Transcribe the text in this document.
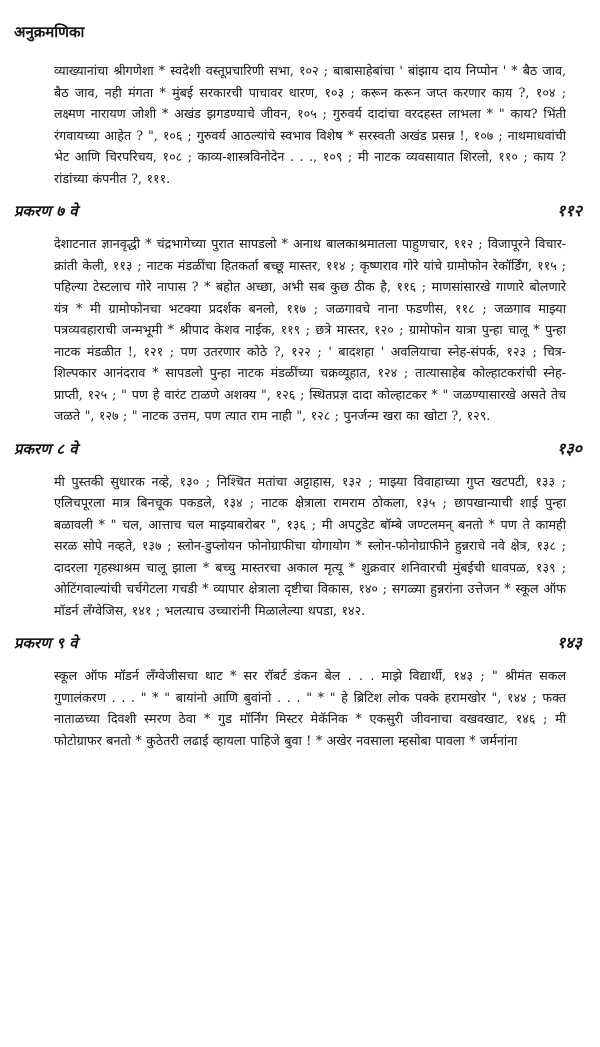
अनुक्रमणिका

व्याख्यानांचा श्रीगणेशा * स्वदेशी वस्तूप्रचारिणी सभा, १०२ ; बाबासाहेबांचा ' बांझाय दाय निप्पोन ' * बैठ जाव, बैठ जाव, नही मंगता * मुंबई सरकारची पाचावर धारण, १०३ ; करून करून जप्त करणार काय ?, १०४ ; लक्ष्मण नारायण जोशी * अखंड झगडण्याचे जीवन, १०५ ; गुरुवर्य दादांचा वरदहस्त लाभला * " काय? भिंती रंगवायच्या आहेत ? ", १०६ ; गुरुवर्य आठल्यांचे स्वभाव विशेष * सरस्वती अखंड प्रसन्न !, १०७ ; नाथमाधवांची भेट आणि चिरपरिचय, १०८ ; काव्य-शास्त्रविनोदेन . . ., १०९ ; मी नाटक व्यवसायात शिरलो, ११० ; काय ? रांडांच्या कंपनीत ?, १११.

प्रकरण ७ वे	११२

देशाटनात ज्ञानवृद्धी * चंद्रभागेच्या पुरात सापडलो * अनाथ बालकाश्रमातला पाहुणचार, ११२ ; विजापूरने विचार-क्रांती केली, ११३ ; नाटक मंडळींचा हितकर्ता बच्छू मास्तर, ११४ ; कृष्णराव गोरे यांचे ग्रामोफोन रेकॉर्डिंग, ११५ ; पहिल्या टेस्टलाच गोरे नापास ? * बहोत अच्छा, अभी सब कुछ ठीक है, ११६ ; माणसांसारखे गाणारे बोलणारे यंत्र * मी ग्रामोफोनचा भटक्या प्रदर्शक बनलो, ११७ ; जळगावचे नाना फडणीस, ११८ ; जळगाव माझ्या पत्रव्यवहाराची जन्मभूमी * श्रीपाद केशव नाईक, ११९ ; छत्रे मास्तर, १२० ; ग्रामोफोन यात्रा पुन्हा चालू * पुन्हा नाटक मंडळीत !, १२१ ; पण उतरणार कोठे ?, १२२ ; ' बादशहा ' अवलियाचा स्नेह-संपर्क, १२३ ; चित्र-शिल्पकार आनंदराव * सापडलो पुन्हा नाटक मंडळींच्या चक्रव्यूहात, १२४ ; तात्यासाहेब कोल्हाटकरांची स्नेह-प्राप्ती, १२५ ; " पण हे वारंट टाळणे अशक्य ", १२६ ; स्थितप्रज्ञ दादा कोल्हाटकर * " जळण्यासारखे असते तेच जळते ", १२७ ; " नाटक उत्तम, पण त्यात राम नाही ", १२८ ; पुनर्जन्म खरा का खोटा ?, १२९.

प्रकरण ८ वे	१३०

मी पुस्तकी सुधारक नव्हे, १३० ; निश्चित मतांचा अट्टाहास, १३२ ; माझ्या विवाहाच्या गुप्त खटपटी, १३३ ; एलिचपूरला मात्र बिनचूक पकडले, १३४ ; नाटक क्षेत्राला रामराम ठोकला, १३५ ; छापखान्याची शाई पुन्हा बळावली * " चल, आत्ताच चल माझ्याबरोबर ", १३६ ; मी अपटुडेट बॉम्बे जण्टलमन् बनतो * पण ते कामही सरळ सोपे नव्हते, १३७ ; स्लोन-डुप्लोयन फोनोग्राफीचा योगायोग * स्लोन-फोनोग्राफीने हुन्नराचे नवे क्षेत्र, १३८ ; दादरला गृहस्थाश्रम चालू झाला * बच्चु मास्तरचा अकाल मृत्यू * शुक्रवार शनिवारची मुंबईची धावपळ, १३९ ; ओटिंगवाल्यांची चर्चगेटला गचडी * व्यापार क्षेत्राला दृष्टीचा विकास, १४० ; सगळ्या हुन्नरांना उत्तेजन * स्कूल ऑफ मॉडर्न लँग्वेजिस, १४१ ; भलत्याच उच्चारांनी मिळालेल्या थपडा, १४२.

प्रकरण ९ वे	१४३

स्कूल ऑफ मॉडर्न लँग्वेजीसचा थाट * सर रॉबर्ट डंकन बेल . . . माझे विद्यार्थी, १४३ ; " श्रीमंत सकल गुणालंकरण . . . " * " बायांनो आणि बुवांनो . . . " * " हे ब्रिटिश लोक पक्के हरामखोर ", १४४ ; फक्त नाताळच्या दिवशी स्मरण ठेवा * गुड मॉर्निंग मिस्टर मेकॅनिक * एकसुरी जीवनाचा वखवखाट, १४६ ; मी फोटोग्राफर बनतो * कुठेतरी लढाई व्हायला पाहिजे बुवा ! * अखेर नवसाला म्हसोबा पावला * जर्मनांना
